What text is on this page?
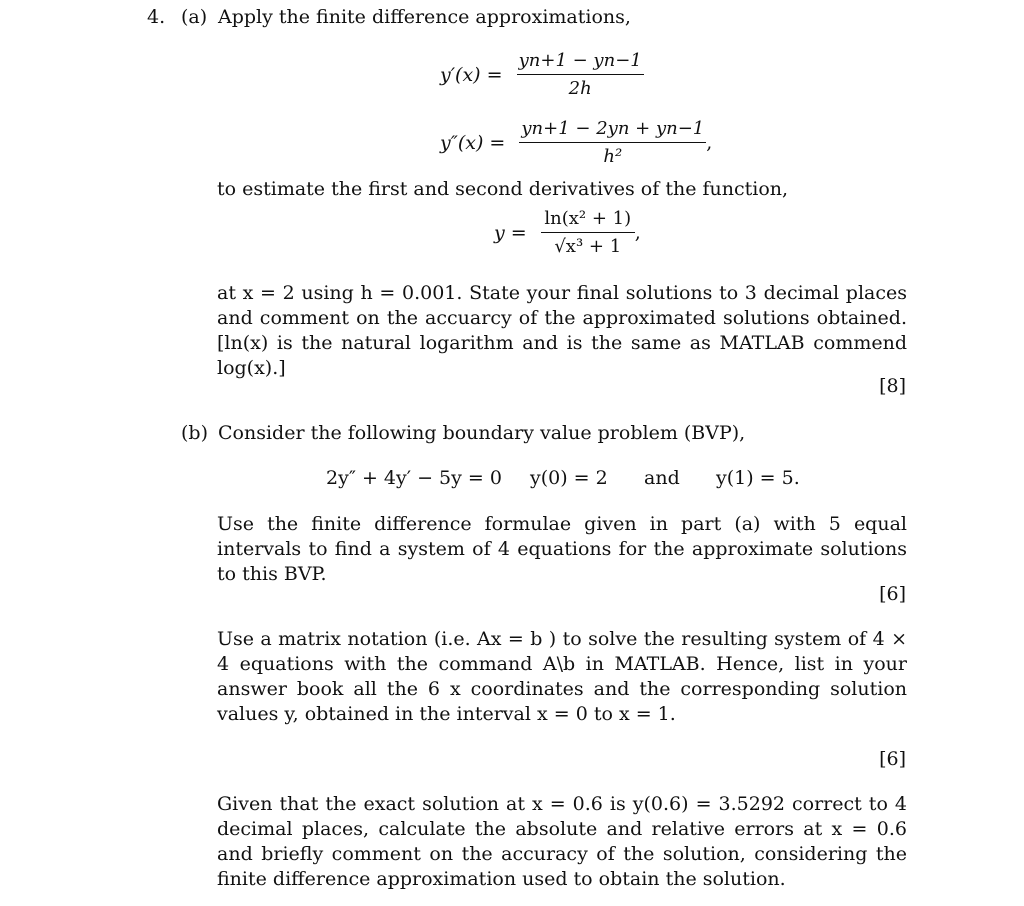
4. (a) Apply the finite difference approximations,
$y'(x) = \frac{yn+1 - yn-1}{2h}$
$y''(x) = \frac{yn+1 - 2yn + yn-1}{\text{h²}}$ ,
to estimate the first and second derivatives of the function,
$y = \frac{\text{ln(x² + 1)}}{\text{√x³ + 1}}$ ,
at x = 2 using h = 0.001. State your final solutions to 3 decimal places and comment on the accuarcy of the approximated solutions obtained. [ln(x) is the natural logarithm and is the same as MATLAB commend log(x).]
[8]
(b) Consider the following boundary value problem (BVP),
2y″ + 4y′ − 5y = 0 y(0) = 2 and y(1) = 5.
Use the finite difference formulae given in part (a) with 5 equal intervals to find a system of 4 equations for the approximate solutions to this BVP.
[6]
Use a matrix notation (i.e. Ax = b ) to solve the resulting system of 4 × 4 equations with the command A\b in MATLAB. Hence, list in your answer book all the 6 x coordinates and the corresponding solution values y, obtained in the interval x = 0 to x = 1.
[6]
Given that the exact solution at x = 0.6 is y(0.6) = 3.5292 correct to 4 decimal places, calculate the absolute and relative errors at x = 0.6 and briefly comment on the accuracy of the solution, considering the finite difference approximation used to obtain the solution.
